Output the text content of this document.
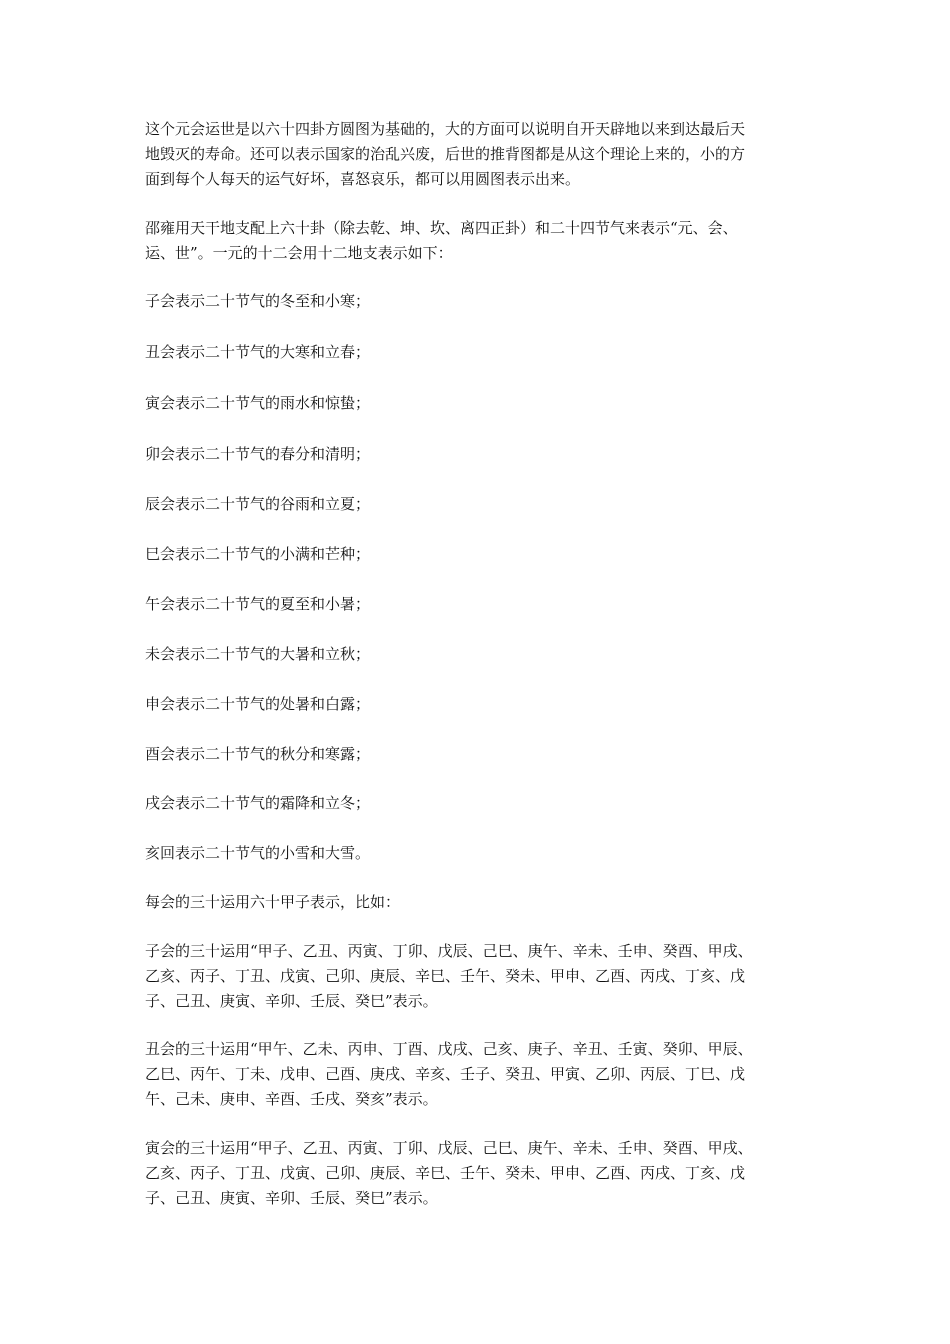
这个元会运世是以六十四卦方圆图为基础的，大的方面可以说明自开天辟地以来到达最后天
地毁灭的寿命。还可以表示国家的治乱兴废，后世的推背图都是从这个理论上来的，小的方
面到每个人每天的运气好坏，喜怒哀乐，都可以用圆图表示出来。
邵雍用天干地支配上六十卦（除去乾、坤、坎、离四正卦）和二十四节气来表示“元、会、
运、世”。一元的十二会用十二地支表示如下：
子会表示二十节气的冬至和小寒；
丑会表示二十节气的大寒和立春；
寅会表示二十节气的雨水和惊蛰；
卯会表示二十节气的春分和清明；
辰会表示二十节气的谷雨和立夏；
巳会表示二十节气的小满和芒种；
午会表示二十节气的夏至和小暑；
未会表示二十节气的大暑和立秋；
申会表示二十节气的处暑和白露；
酉会表示二十节气的秋分和寒露；
戌会表示二十节气的霜降和立冬；
亥回表示二十节气的小雪和大雪。
每会的三十运用六十甲子表示，比如：
子会的三十运用“甲子、乙丑、丙寅、丁卯、戊辰、己巳、庚午、辛未、壬申、癸酉、甲戌、
乙亥、丙子、丁丑、戊寅、己卯、庚辰、辛巳、壬午、癸未、甲申、乙酉、丙戌、丁亥、戊
子、己丑、庚寅、辛卯、壬辰、癸巳”表示。
丑会的三十运用“甲午、乙未、丙申、丁酉、戊戌、己亥、庚子、辛丑、壬寅、癸卯、甲辰、
乙巳、丙午、丁未、戊申、己酉、庚戌、辛亥、壬子、癸丑、甲寅、乙卯、丙辰、丁巳、戊
午、己未、庚申、辛酉、壬戌、癸亥”表示。
寅会的三十运用“甲子、乙丑、丙寅、丁卯、戊辰、己巳、庚午、辛未、壬申、癸酉、甲戌、
乙亥、丙子、丁丑、戊寅、己卯、庚辰、辛巳、壬午、癸未、甲申、乙酉、丙戌、丁亥、戊
子、己丑、庚寅、辛卯、壬辰、癸巳”表示。
